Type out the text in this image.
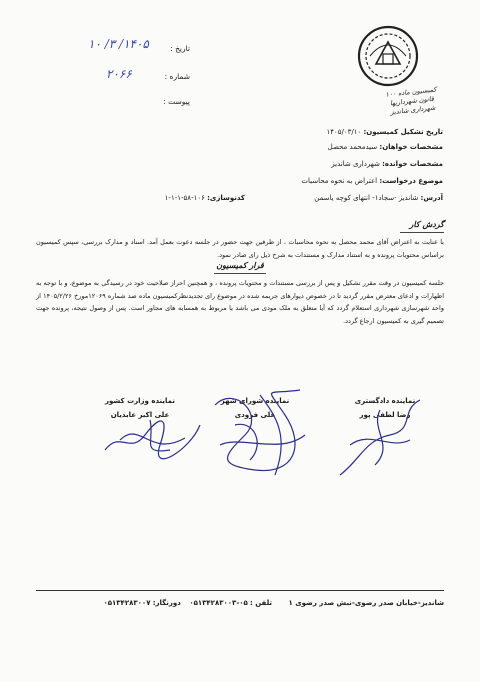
کمیسیون ماده ۱۰۰ قانون شهرداریها
شهرداری شاندیز
تاریخ :
۱۴۰۵/ ۳/ ۱۰
شماره :
۲۰۶۶
پیوست :
تاریخ تشکیل کمیسیون: ۱۴۰۵/۰۳/۱۰
مشخصات خواهان: سیدمحمد محصل
مشخصات خوانده: شهرداری شاندیز
موضوع درخواست: اعتراض به نحوه محاسبات
آدرس: شاندیز -سجاد۱- انتهای کوچه یاسمن
کدنوسازی: ۱۰۶-۵۸-۱-۱-۱
گردش کار
با عنایت به اعتراض آقای محمد محصل به نحوه محاسبات ، از طرفین جهت حضور در جلسه دعوت بعمل آمد. اسناد و مدارک بررسی، سپس کمیسیون براساس محتویات پرونده و به استناد مدارک و مستندات به شرح ذیل رای صادر نمود.
قرار کمیسیون
جلسه کمیسیون در وقت مقرر تشکیل و پس از بررسی مستندات و محتویات پرونده ، و همچنین احراز صلاحیت خود در رسیدگی به موضوع، و با توجه به اظهارات و ادعای معترض مقرر گردید تا در خصوص دیوارهای جریمه شده در موضوع رای تجدیدنظرکمیسیون ماده صد شماره ۱۲۰۶۹مورخ ۱۴۰۵/۲/۲۶ از واحد شهرسازی شهرداری استعلام گردد که آیا متعلق به ملک مودی می باشد یا مربوط به همسایه های مجاور است. پس از وصول نتیجه، پرونده جهت تصمیم گیری به کمیسیون ارجاع گردد.
نماینده وزارت کشور
علی اکبر عابدیان
نماینده شورای شهر
علی فرودی
نماینده دادگستری
رضا لطفی پور
شاندیز-خیابان صدر رضوی-نبش صدر رضوی ۱  تلفن : ۰۵-۰۵۱۳۴۲۸۳۰۰۳  دورنگار: ۰۵۱۳۴۲۸۳۰۰۷
